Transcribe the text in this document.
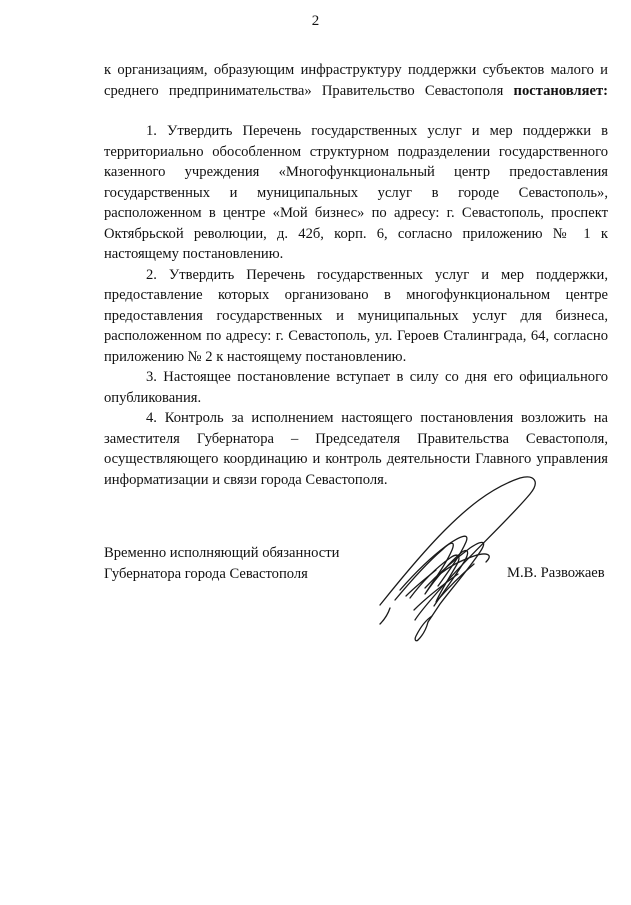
2

к организациям, образующим инфраструктуру поддержки субъектов малого и среднего предпринимательства» Правительство Севастополя постановляет:

1. Утвердить Перечень государственных услуг и мер поддержки в территориально обособленном структурном подразделении государственного казенного учреждения «Многофункциональный центр предоставления государственных и муниципальных услуг в городе Севастополь», расположенном в центре «Мой бизнес» по адресу: г. Севастополь, проспект Октябрьской революции, д. 42б, корп. 6, согласно приложению № 1 к настоящему постановлению.

2. Утвердить Перечень государственных услуг и мер поддержки, предоставление которых организовано в многофункциональном центре предоставления государственных и муниципальных услуг для бизнеса, расположенном по адресу: г. Севастополь, ул. Героев Сталинграда, 64, согласно приложению № 2 к настоящему постановлению.

3. Настоящее постановление вступает в силу со дня его официального опубликования.

4. Контроль за исполнением настоящего постановления возложить на заместителя Губернатора – Председателя Правительства Севастополя, осуществляющего координацию и контроль деятельности Главного управления информатизации и связи города Севастополя.

Временно исполняющий обязанности
Губернатора города Севастополя	М.В. Развожаев
